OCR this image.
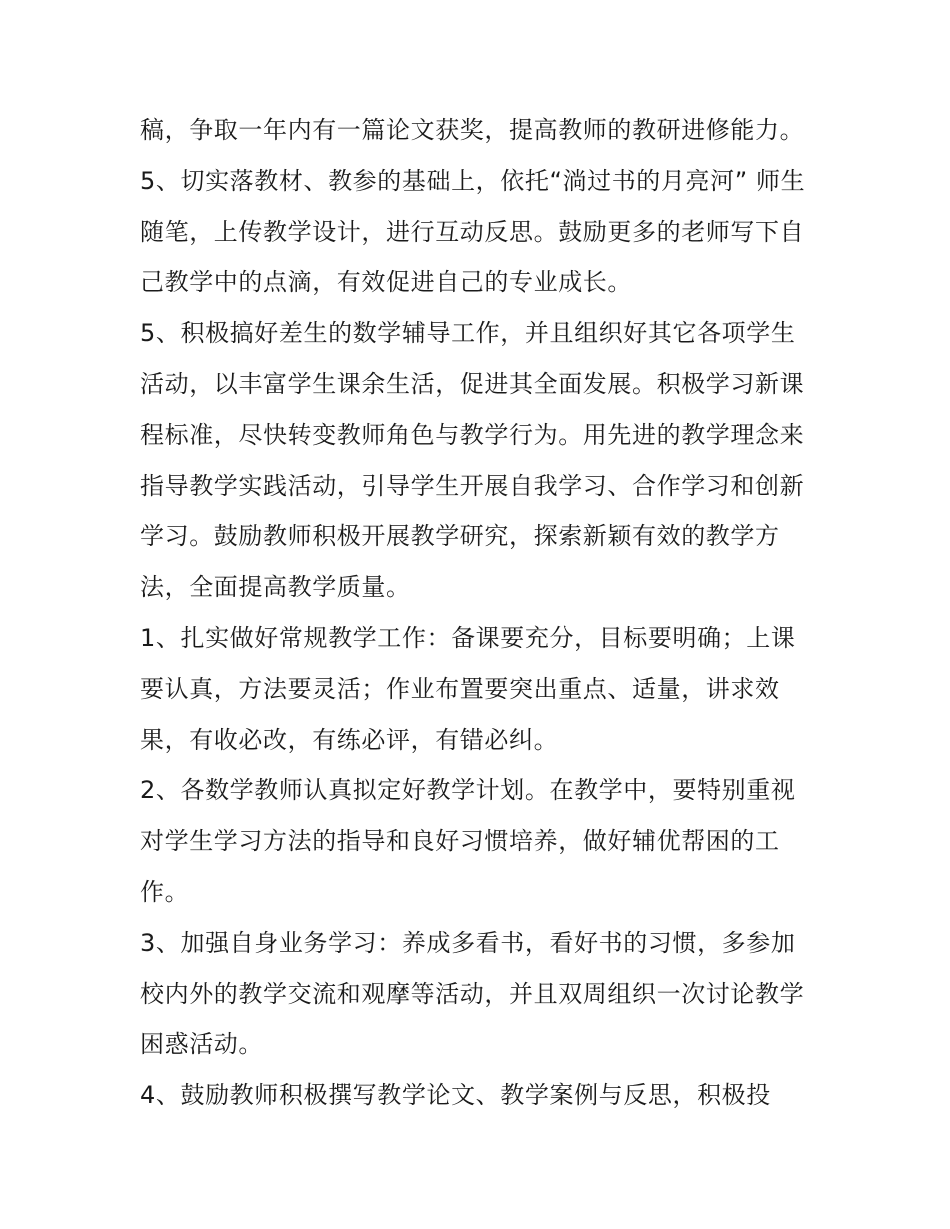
稿，争取一年内有一篇论文获奖，提高教师的教研进修能力。
5、切实落教材、教参的基础上，依托“淌过书的月亮河” 师生
随笔，上传教学设计，进行互动反思。鼓励更多的老师写下自
己教学中的点滴，有效促进自己的专业成长。
5、积极搞好差生的数学辅导工作，并且组织好其它各项学生
活动，以丰富学生课余生活，促进其全面发展。积极学习新课
程标准，尽快转变教师角色与教学行为。用先进的教学理念来
指导教学实践活动，引导学生开展自我学习、合作学习和创新
学习。鼓励教师积极开展教学研究，探索新颖有效的教学方
法，全面提高教学质量。
1、扎实做好常规教学工作：备课要充分，目标要明确；上课
要认真，方法要灵活；作业布置要突出重点、适量，讲求效
果，有收必改，有练必评，有错必纠。
2、各数学教师认真拟定好教学计划。在教学中，要特别重视
对学生学习方法的指导和良好习惯培养，做好辅优帮困的工
作。
3、加强自身业务学习：养成多看书，看好书的习惯，多参加
校内外的教学交流和观摩等活动，并且双周组织一次讨论教学
困惑活动。
4、鼓励教师积极撰写教学论文、教学案例与反思，积极投
